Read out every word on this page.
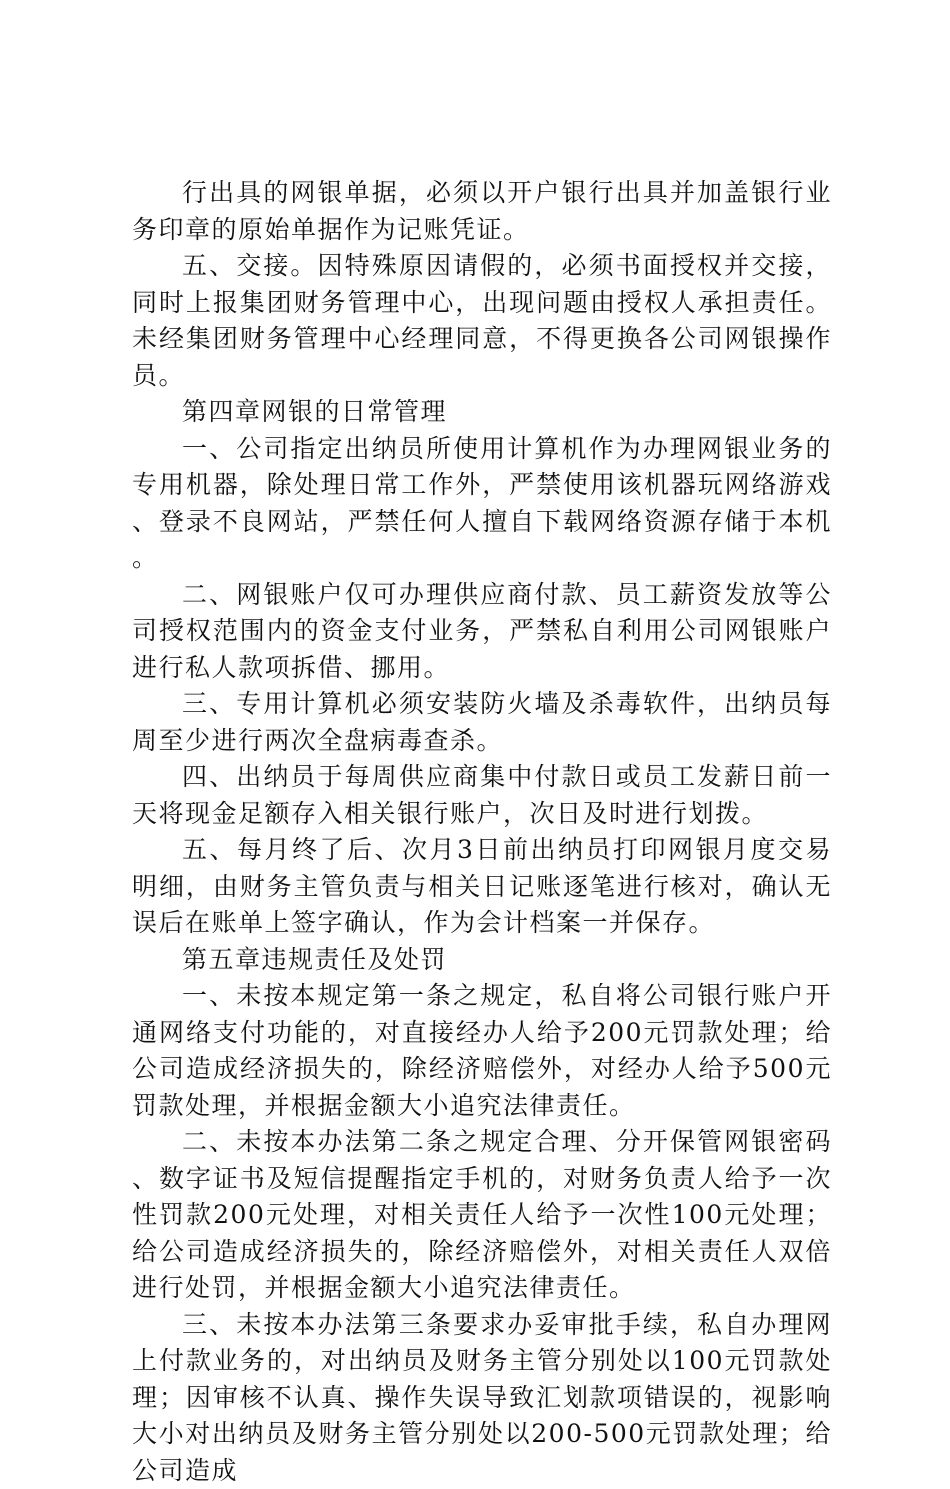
行出具的网银单据，必须以开户银行出具并加盖银行业务印章的原始单据作为记账凭证。

五、交接。因特殊原因请假的，必须书面授权并交接，同时上报集团财务管理中心，出现问题由授权人承担责任。未经集团财务管理中心经理同意，不得更换各公司网银操作员。

第四章网银的日常管理

一、公司指定出纳员所使用计算机作为办理网银业务的专用机器，除处理日常工作外，严禁使用该机器玩网络游戏、登录不良网站，严禁任何人擅自下载网络资源存储于本机。

二、网银账户仅可办理供应商付款、员工薪资发放等公司授权范围内的资金支付业务，严禁私自利用公司网银账户进行私人款项拆借、挪用。

三、专用计算机必须安装防火墙及杀毒软件，出纳员每周至少进行两次全盘病毒查杀。

四、出纳员于每周供应商集中付款日或员工发薪日前一天将现金足额存入相关银行账户，次日及时进行划拨。

五、每月终了后、次月3日前出纳员打印网银月度交易明细，由财务主管负责与相关日记账逐笔进行核对，确认无误后在账单上签字确认，作为会计档案一并保存。

第五章违规责任及处罚

一、未按本规定第一条之规定，私自将公司银行账户开通网络支付功能的，对直接经办人给予200元罚款处理；给公司造成经济损失的，除经济赔偿外，对经办人给予500元罚款处理，并根据金额大小追究法律责任。

二、未按本办法第二条之规定合理、分开保管网银密码、数字证书及短信提醒指定手机的，对财务负责人给予一次性罚款200元处理，对相关责任人给予一次性100元处理；给公司造成经济损失的，除经济赔偿外，对相关责任人双倍进行处罚，并根据金额大小追究法律责任。

三、未按本办法第三条要求办妥审批手续，私自办理网上付款业务的，对出纳员及财务主管分别处以100元罚款处理；因审核不认真、操作失误导致汇划款项错误的，视影响大小对出纳员及财务主管分别处以200-500元罚款处理；给公司造成
